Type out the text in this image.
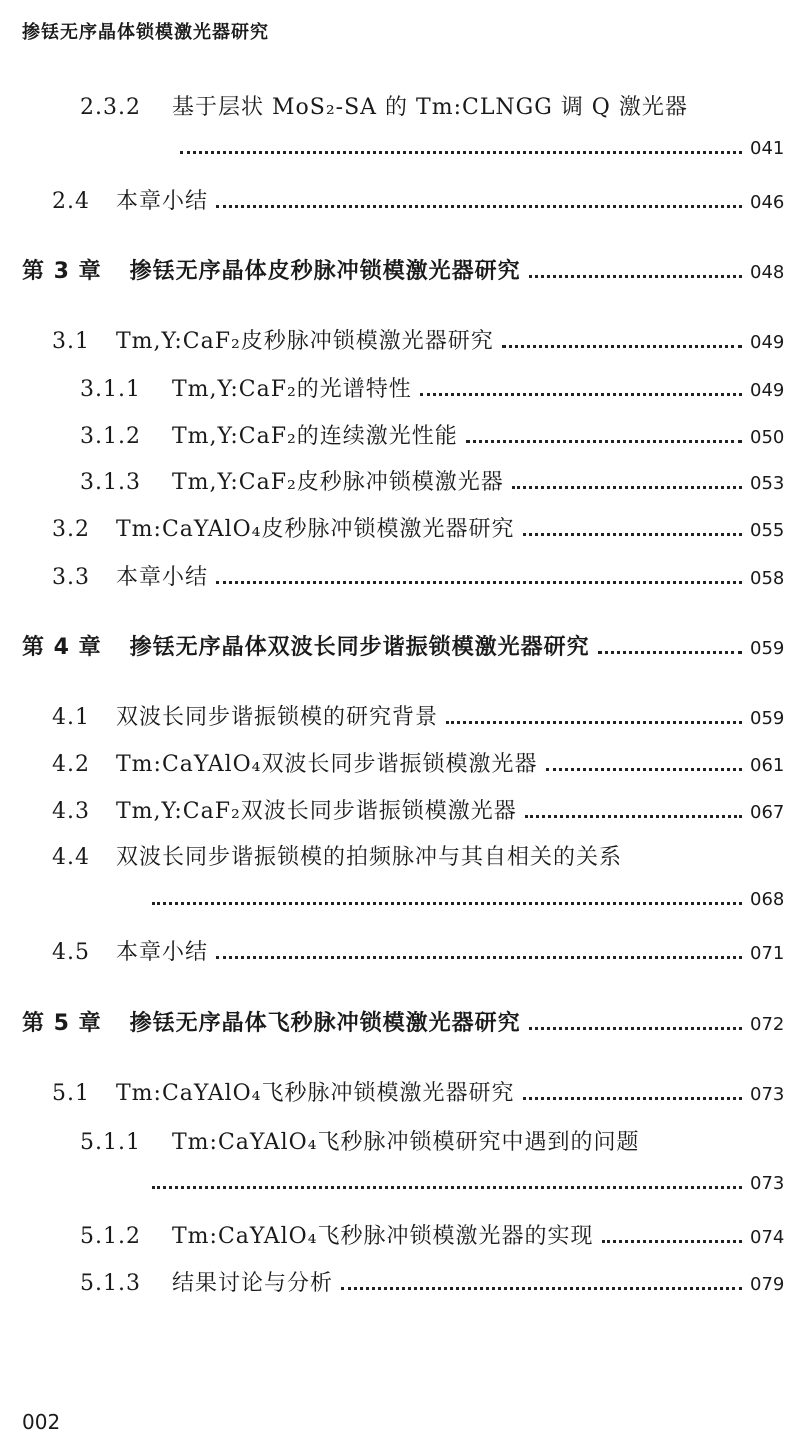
掺铥无序晶体锁模激光器研究
2.3.2	基于层状 MoS₂-SA 的 Tm:CLNGG 调 Q 激光器
041
2.4	本章小结	046
第 3 章 掺铥无序晶体皮秒脉冲锁模激光器研究	048
3.1	Tm,Y:CaF₂皮秒脉冲锁模激光器研究	049
3.1.1	Tm,Y:CaF₂的光谱特性	049
3.1.2	Tm,Y:CaF₂的连续激光性能	050
3.1.3	Tm,Y:CaF₂皮秒脉冲锁模激光器	053
3.2	Tm:CaYAlO₄皮秒脉冲锁模激光器研究	055
3.3	本章小结	058
第 4 章 掺铥无序晶体双波长同步谐振锁模激光器研究	059
4.1	双波长同步谐振锁模的研究背景	059
4.2	Tm:CaYAlO₄双波长同步谐振锁模激光器	061
4.3	Tm,Y:CaF₂双波长同步谐振锁模激光器	067
4.4	双波长同步谐振锁模的拍频脉冲与其自相关的关系
068
4.5	本章小结	071
第 5 章 掺铥无序晶体飞秒脉冲锁模激光器研究	072
5.1	Tm:CaYAlO₄飞秒脉冲锁模激光器研究	073
5.1.1	Tm:CaYAlO₄飞秒脉冲锁模研究中遇到的问题
073
5.1.2	Tm:CaYAlO₄飞秒脉冲锁模激光器的实现	074
5.1.3	结果讨论与分析	079
002
